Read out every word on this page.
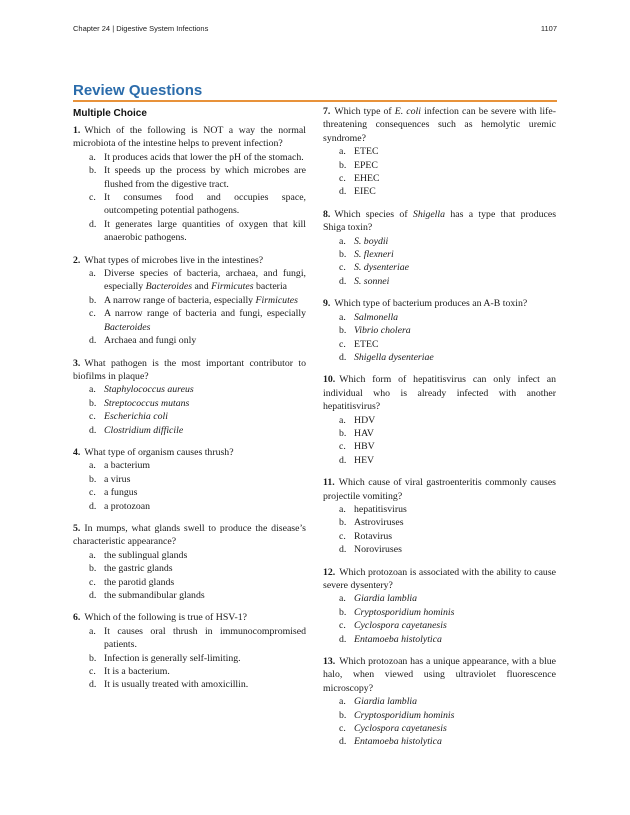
Chapter 24 | Digestive System Infections	1107
Review Questions
Multiple Choice
1. Which of the following is NOT a way the normal microbiota of the intestine helps to prevent infection?
a. It produces acids that lower the pH of the stomach.
b. It speeds up the process by which microbes are flushed from the digestive tract.
c. It consumes food and occupies space, outcompeting potential pathogens.
d. It generates large quantities of oxygen that kill anaerobic pathogens.
2. What types of microbes live in the intestines?
a. Diverse species of bacteria, archaea, and fungi, especially Bacteroides and Firmicutes bacteria
b. A narrow range of bacteria, especially Firmicutes
c. A narrow range of bacteria and fungi, especially Bacteroides
d. Archaea and fungi only
3. What pathogen is the most important contributor to biofilms in plaque?
a. Staphylococcus aureus
b. Streptococcus mutans
c. Escherichia coli
d. Clostridium difficile
4. What type of organism causes thrush?
a. a bacterium
b. a virus
c. a fungus
d. a protozoan
5. In mumps, what glands swell to produce the disease’s characteristic appearance?
a. the sublingual glands
b. the gastric glands
c. the parotid glands
d. the submandibular glands
6. Which of the following is true of HSV-1?
a. It causes oral thrush in immunocompromised patients.
b. Infection is generally self-limiting.
c. It is a bacterium.
d. It is usually treated with amoxicillin.
7. Which type of E. coli infection can be severe with life-threatening consequences such as hemolytic uremic syndrome?
a. ETEC
b. EPEC
c. EHEC
d. EIEC
8. Which species of Shigella has a type that produces Shiga toxin?
a. S. boydii
b. S. flexneri
c. S. dysenteriae
d. S. sonnei
9. Which type of bacterium produces an A-B toxin?
a. Salmonella
b. Vibrio cholera
c. ETEC
d. Shigella dysenteriae
10. Which form of hepatitisvirus can only infect an individual who is already infected with another hepatitisvirus?
a. HDV
b. HAV
c. HBV
d. HEV
11. Which cause of viral gastroenteritis commonly causes projectile vomiting?
a. hepatitisvirus
b. Astroviruses
c. Rotavirus
d. Noroviruses
12. Which protozoan is associated with the ability to cause severe dysentery?
a. Giardia lamblia
b. Cryptosporidium hominis
c. Cyclospora cayetanesis
d. Entamoeba histolytica
13. Which protozoan has a unique appearance, with a blue halo, when viewed using ultraviolet fluorescence microscopy?
a. Giardia lamblia
b. Cryptosporidium hominis
c. Cyclospora cayetanesis
d. Entamoeba histolytica
